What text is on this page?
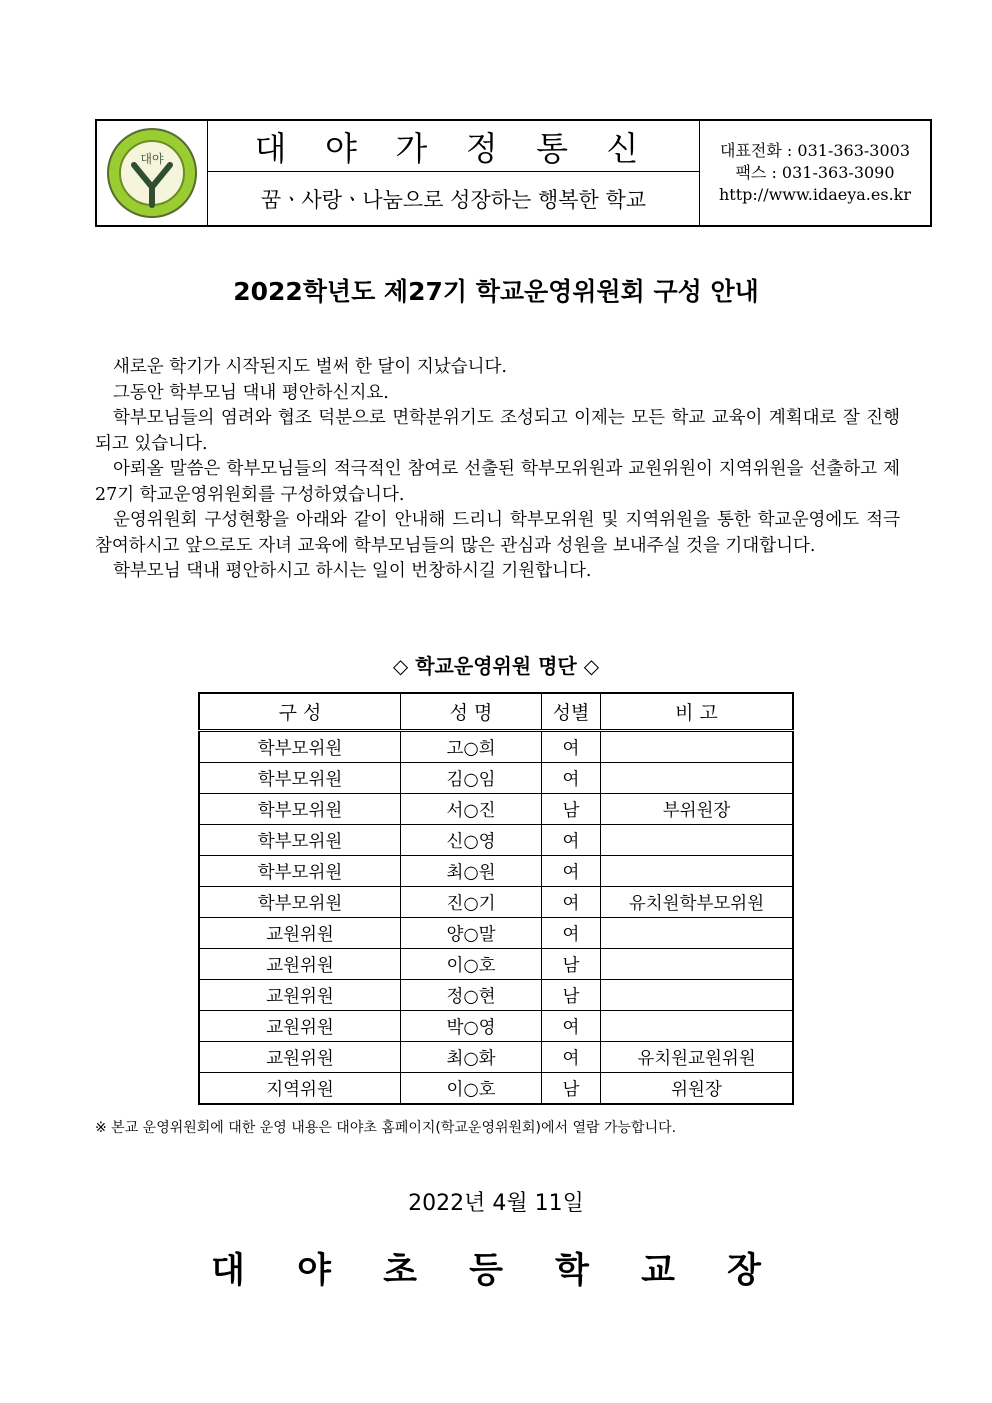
대야	대 야 가 정 통 신
꿈ㆍ사랑ㆍ나눔으로 성장하는 행복한 학교
대표전화 : 031-363-3003
팩스 : 031-363-3090
http://www.idaeya.es.kr
2022학년도 제27기 학교운영위원회 구성 안내

새로운 학기가 시작된지도 벌써 한 달이 지났습니다.

그동안 학부모님 댁내 평안하신지요.

학부모님들의 염려와 협조 덕분으로 면학분위기도 조성되고 이제는 모든 학교 교육이 계획대로 잘 진행되고 있습니다.

아뢰올 말씀은 학부모님들의 적극적인 참여로 선출된 학부모위원과 교원위원이 지역위원을 선출하고 제27기 학교운영위원회를 구성하였습니다.

운영위원회 구성현황을 아래와 같이 안내해 드리니 학부모위원 및 지역위원을 통한 학교운영에도 적극 참여하시고 앞으로도 자녀 교육에 학부모님들의 많은 관심과 성원을 보내주실 것을 기대합니다.

학부모님 댁내 평안하시고 하시는 일이 번창하시길 기원합니다.

◇ 학교운영위원 명단 ◇
구 성	성 명	성별	비 고
학부모위원	고○희	여	
학부모위원	김○임	여	
학부모위원	서○진	남	부위원장
학부모위원	신○영	여	
학부모위원	최○원	여	
학부모위원	진○기	여	유치원학부모위원
교원위원	양○말	여	
교원위원	이○호	남	
교원위원	정○현	남	
교원위원	박○영	여	
교원위원	최○화	여	유치원교원위원
지역위원	이○호	남	위원장
※ 본교 운영위원회에 대한 운영 내용은 대야초 홈페이지(학교운영위원회)에서 열람 가능합니다.
2022년 4월 11일
대 야 초 등 학 교 장
